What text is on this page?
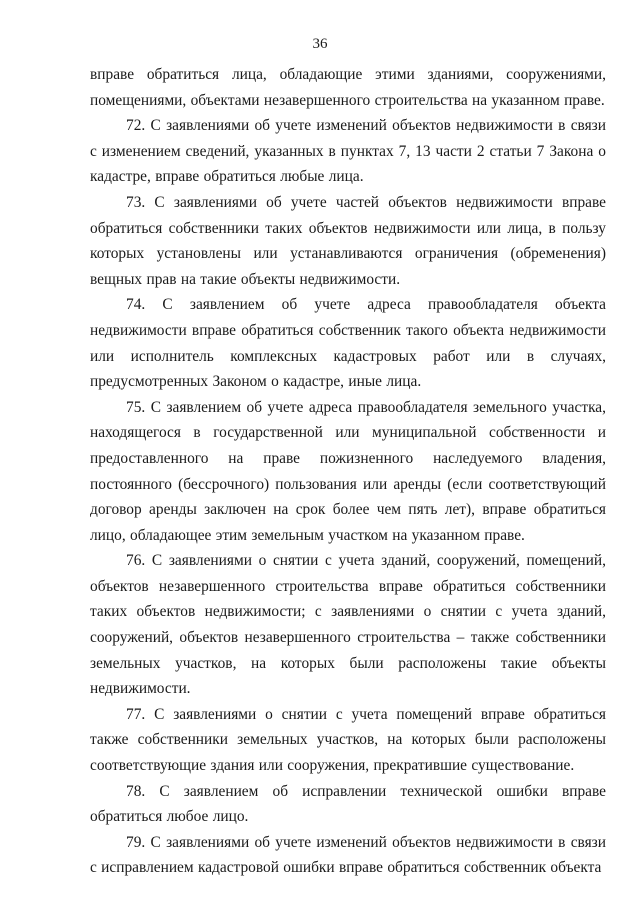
36

вправе обратиться лица, обладающие этими зданиями, сооружениями, помещениями, объектами незавершенного строительства на указанном праве.

72. С заявлениями об учете изменений объектов недвижимости в связи с изменением сведений, указанных в пунктах 7, 13 части 2 статьи 7 Закона о кадастре, вправе обратиться любые лица.

73. С заявлениями об учете частей объектов недвижимости вправе обратиться собственники таких объектов недвижимости или лица, в пользу которых установлены или устанавливаются ограничения (обременения) вещных прав на такие объекты недвижимости.

74. С заявлением об учете адреса правообладателя объекта недвижимости вправе обратиться собственник такого объекта недвижимости или исполнитель комплексных кадастровых работ или в случаях, предусмотренных Законом о кадастре, иные лица.

75. С заявлением об учете адреса правообладателя земельного участка, находящегося в государственной или муниципальной собственности и предоставленного на праве пожизненного наследуемого владения, постоянного (бессрочного) пользования или аренды (если соответствующий договор аренды заключен на срок более чем пять лет), вправе обратиться лицо, обладающее этим земельным участком на указанном праве.

76. С заявлениями о снятии с учета зданий, сооружений, помещений, объектов незавершенного строительства вправе обратиться собственники таких объектов недвижимости; с заявлениями о снятии с учета зданий, сооружений, объектов незавершенного строительства – также собственники земельных участков, на которых были расположены такие объекты недвижимости.

77. С заявлениями о снятии с учета помещений вправе обратиться также собственники земельных участков, на которых были расположены соответствующие здания или сооружения, прекратившие существование.

78. С заявлением об исправлении технической ошибки вправе обратиться любое лицо.

79. С заявлениями об учете изменений объектов недвижимости в связи с исправлением кадастровой ошибки вправе обратиться собственник объекта
